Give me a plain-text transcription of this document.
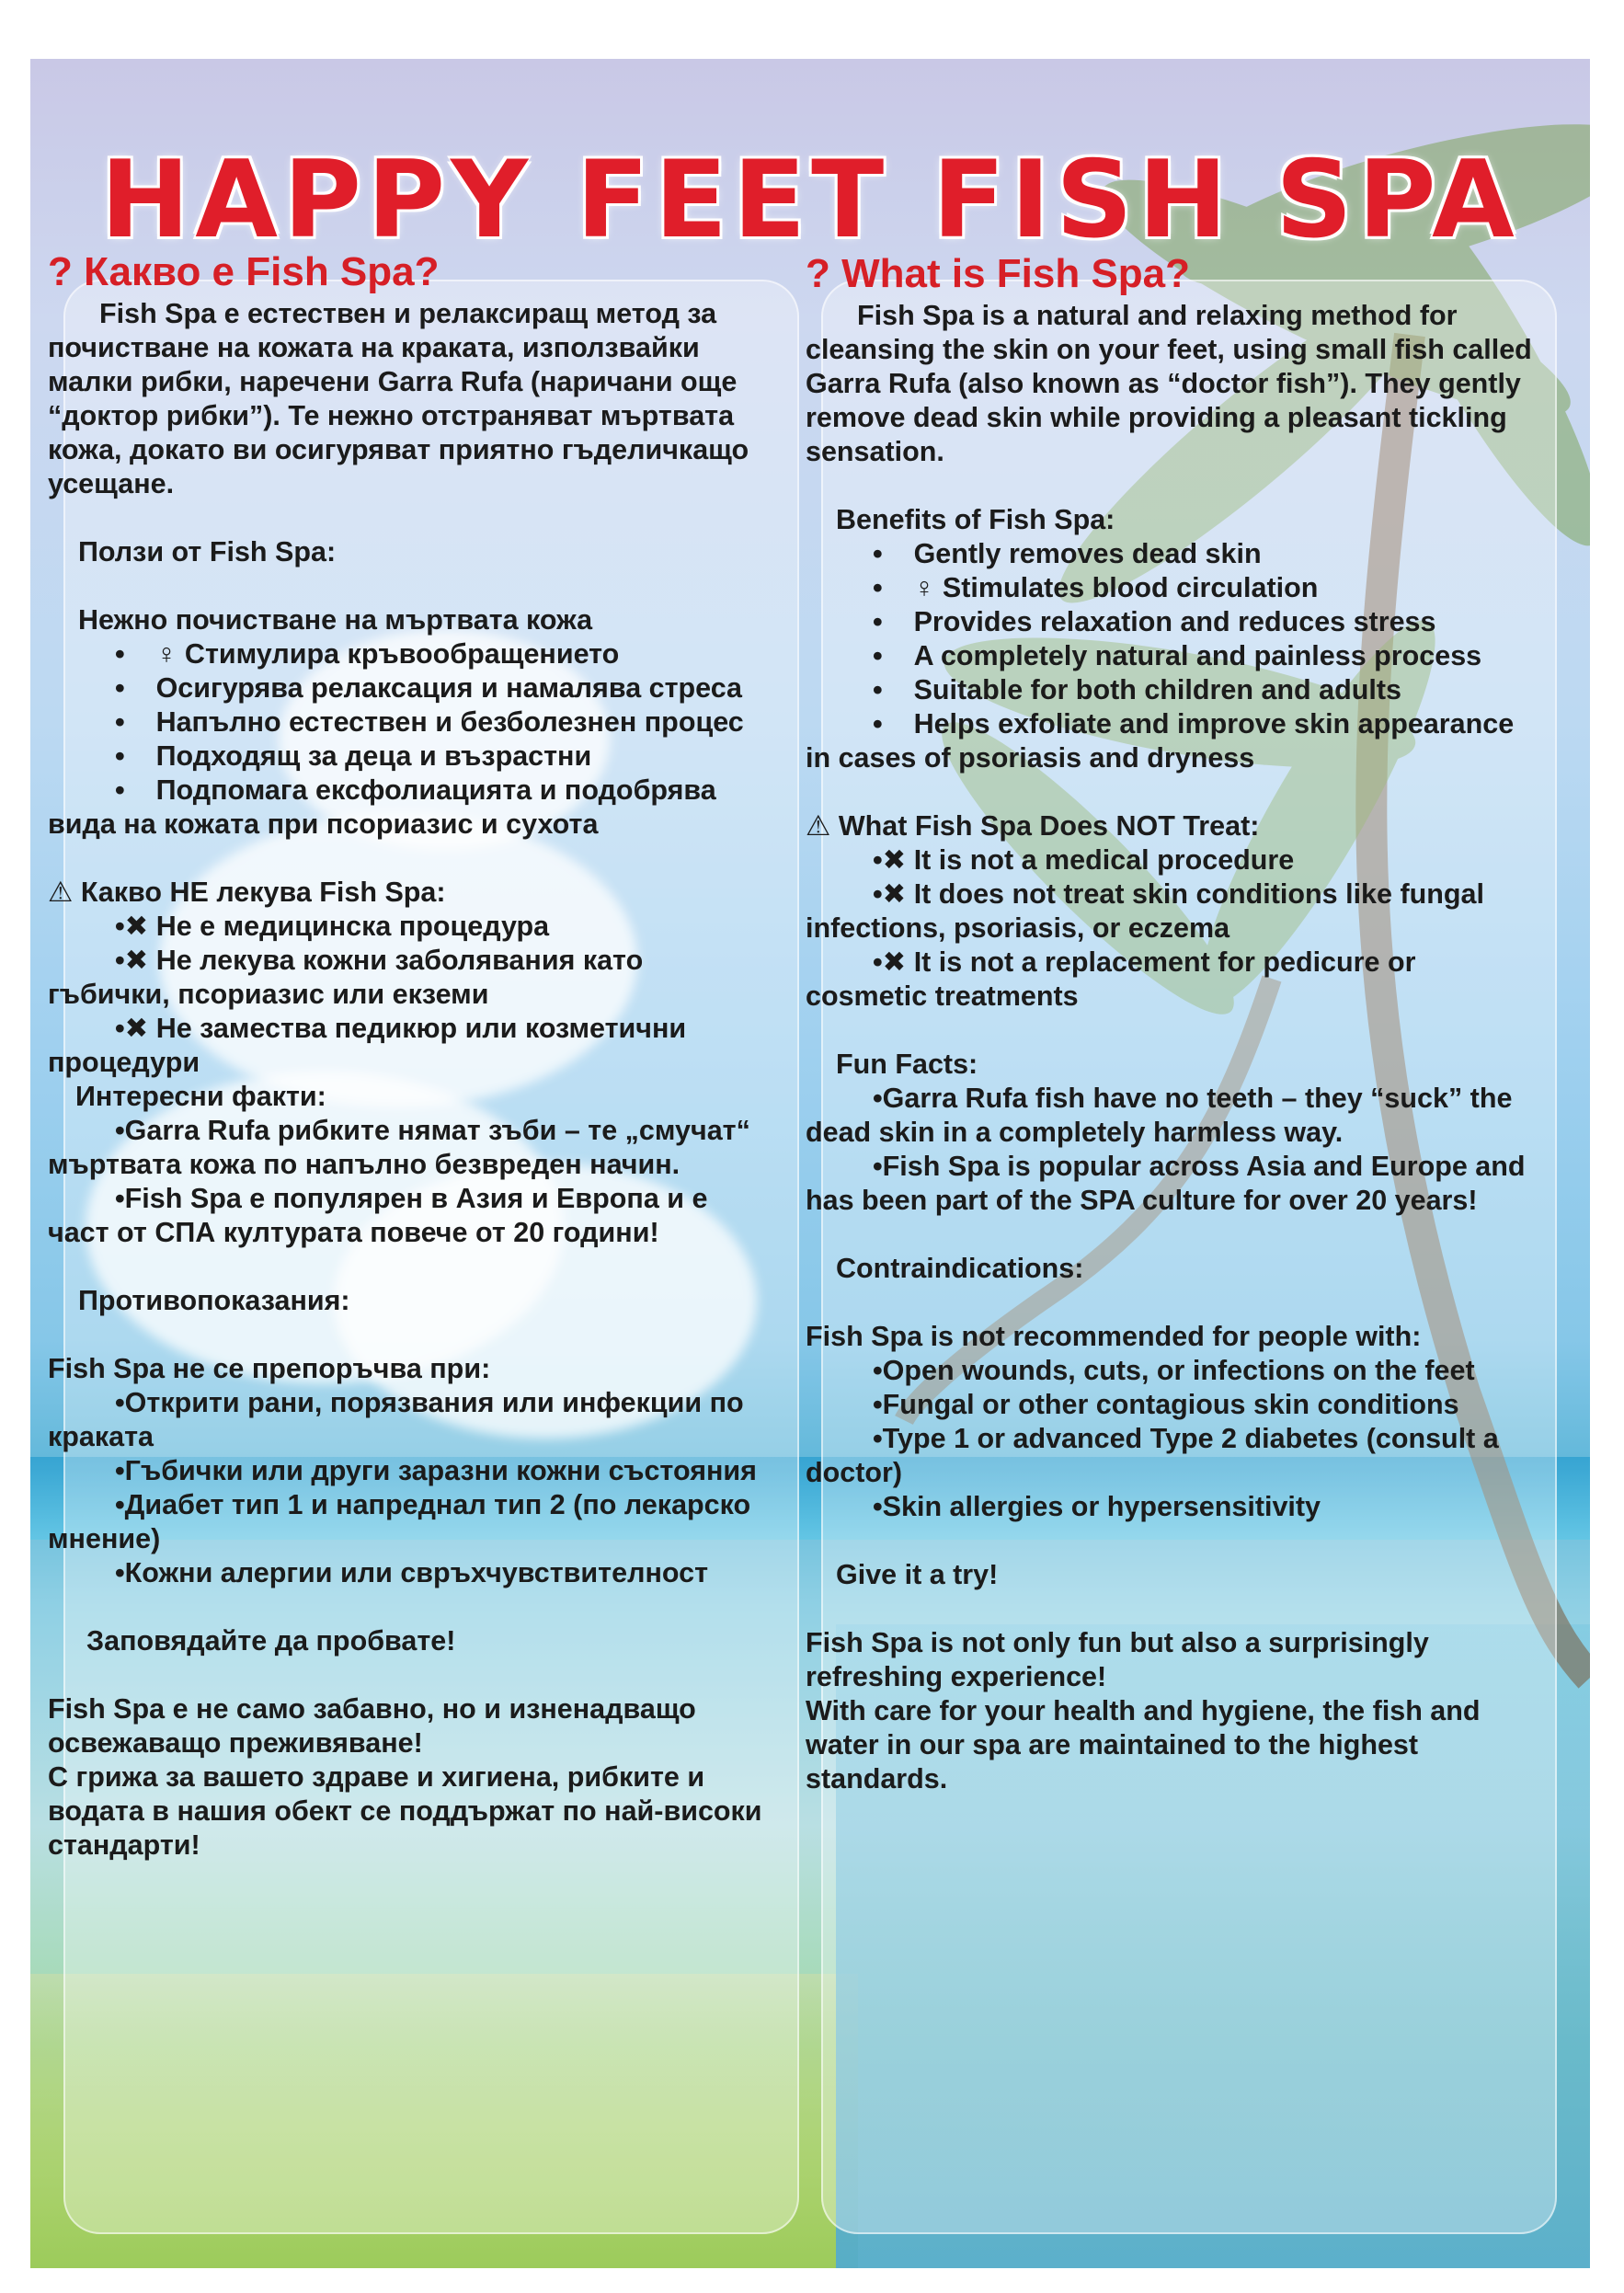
HAPPY FEET FISH SPA
? Какво е Fish Spa?

Fish Spa е естествен и релаксиращ метод за почистване на кожата на краката, използвайки малки рибки, наречени Garra Rufa (наричани още “доктор рибки”). Те нежно отстраняват мъртвата кожа, докато ви осигуряват приятно гъделичкащо усещане.

Ползи от Fish Spa:

Нежно почистване на мъртвата кожа

•    ♀ Стимулира кръвообращението

•    Осигурява релаксация и намалява стреса

•    Напълно естествен и безболезнен процес

•    Подходящ за деца и възрастни

•    Подпомага ексфолиацията и подобрява вида на кожата при псориазис и сухота

⚠ Какво НЕ лекува Fish Spa:

•✖ Не е медицинска процедура

•✖ Не лекува кожни заболявания като гъбички, псориазис или екземи

•✖ Не замества педикюр или козметични процедури

Интересни факти:

•Garra Rufa рибките нямат зъби – те „смучат“ мъртвата кожа по напълно безвреден начин.

•Fish Spa е популярен в Азия и Европа и е част от СПА културата повече от 20 години!

Противопоказания:

Fish Spa не се препоръчва при:

•Открити рани, порязвания или инфекции по краката

•Гъбички или други заразни кожни състояния

•Диабет тип 1 и напреднал тип 2 (по лекарско мнение)

•Кожни алергии или свръхчувствителност

Заповядайте да пробвате!

Fish Spa е не само забавно, но и изненадващо освежаващо преживяване!

С грижа за вашето здраве и хигиена, рибките и водата в нашия обект се поддържат по най-високи стандарти!

? What is Fish Spa?

Fish Spa is a natural and relaxing method for cleansing the skin on your feet, using small fish called Garra Rufa (also known as “doctor fish”). They gently remove dead skin while providing a pleasant tickling sensation.

Benefits of Fish Spa:

•    Gently removes dead skin

•    ♀ Stimulates blood circulation

•    Provides relaxation and reduces stress

•    A completely natural and painless process

•    Suitable for both children and adults

•    Helps exfoliate and improve skin appearance in cases of psoriasis and dryness

⚠ What Fish Spa Does NOT Treat:

•✖ It is not a medical procedure

•✖ It does not treat skin conditions like fungal infections, psoriasis, or eczema

•✖ It is not a replacement for pedicure or cosmetic treatments

Fun Facts:

•Garra Rufa fish have no teeth – they “suck” the dead skin in a completely harmless way.

•Fish Spa is popular across Asia and Europe and has been part of the SPA culture for over 20 years!

Contraindications:

Fish Spa is not recommended for people with:

•Open wounds, cuts, or infections on the feet

•Fungal or other contagious skin conditions

•Type 1 or advanced Type 2 diabetes (consult a doctor)

•Skin allergies or hypersensitivity

Give it a try!

Fish Spa is not only fun but also a surprisingly refreshing experience!

With care for your health and hygiene, the fish and water in our spa are maintained to the highest standards.
